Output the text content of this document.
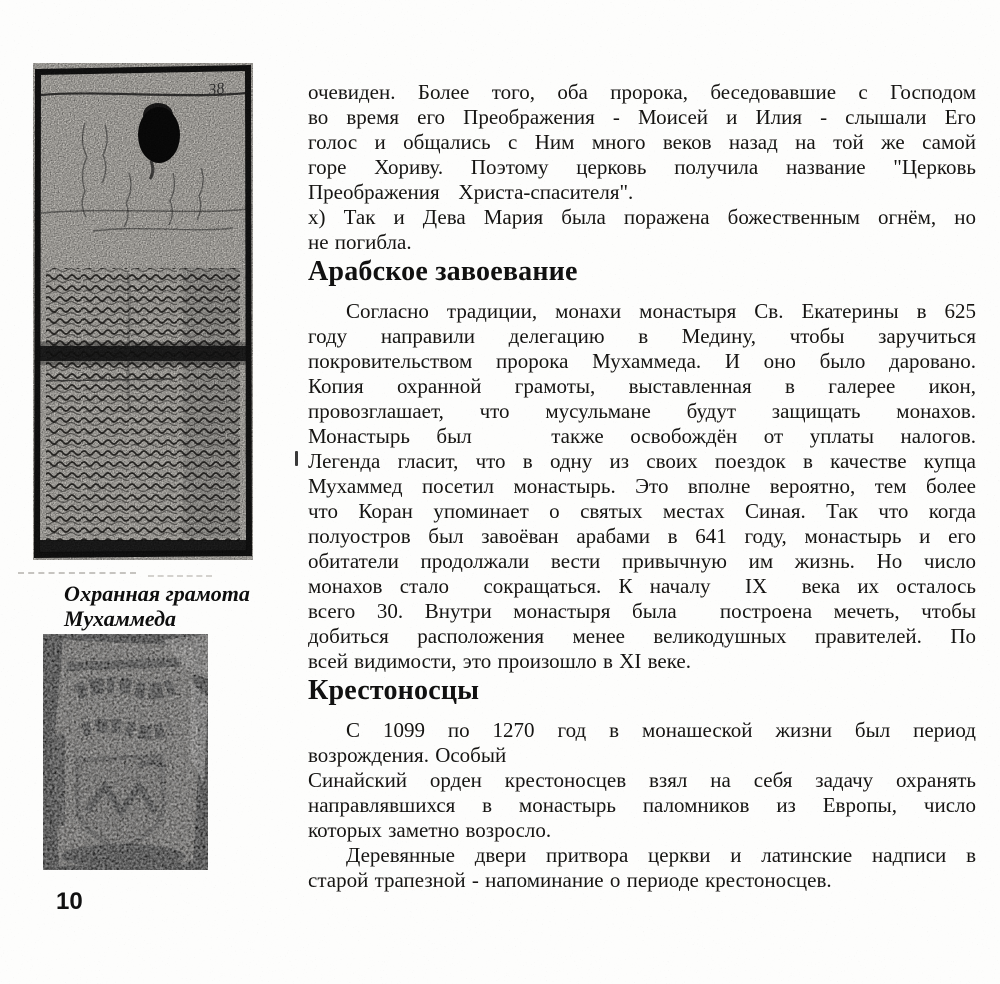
38
Охранная грамота
Мухаммеда
10
очевиден. Более того, оба пророка, беседовавшие с Господом
во время его Преображения - Моисей и Илия - слышали Его
голос и общались с Ним много веков назад на той же самой
горе Хориву. Поэтому церковь получила название "Церковь
Преображения   Христа-спасителя".
х) Так и Дева Мария была поражена божественным огнём, но
не погибла.
Арабское завоевание
Согласно традиции, монахи монастыря Св. Екатерины в 625
году направили делегацию в Медину, чтобы заручиться
покровительством пророка Мухаммеда. И оно было даровано.
Копия охранной грамоты, выставленная в галерее икон,
провозглашает, что мусульмане будут защищать монахов.
Монастырь был   также освобождён от уплаты налогов.
Легенда гласит, что в одну из своих поездок в качестве купца
Мухаммед посетил монастырь. Это вполне вероятно, тем более
что Коран упоминает о святых местах Синая. Так что когда
полуостров был завоёван арабами в 641 году, монастырь и его
обитатели продолжали вести привычную им жизнь. Но число
монахов стало  сокращаться. К началу  IX  века их осталось
всего 30. Внутри монастыря была  построена мечеть, чтобы
добиться расположения менее великодушных правителей. По
всей видимости, это произошло в XI веке.
Крестоносцы
С 1099 по 1270 год в монашеской жизни был период
возрождения. Особый
Синайский орден крестоносцев взял на себя задачу охранять
направлявшихся в монастырь паломников из Европы, число
которых заметно возросло.
Деревянные двери притвора церкви и латинские надписи в
старой трапезной - напоминание о периоде крестоносцев.
